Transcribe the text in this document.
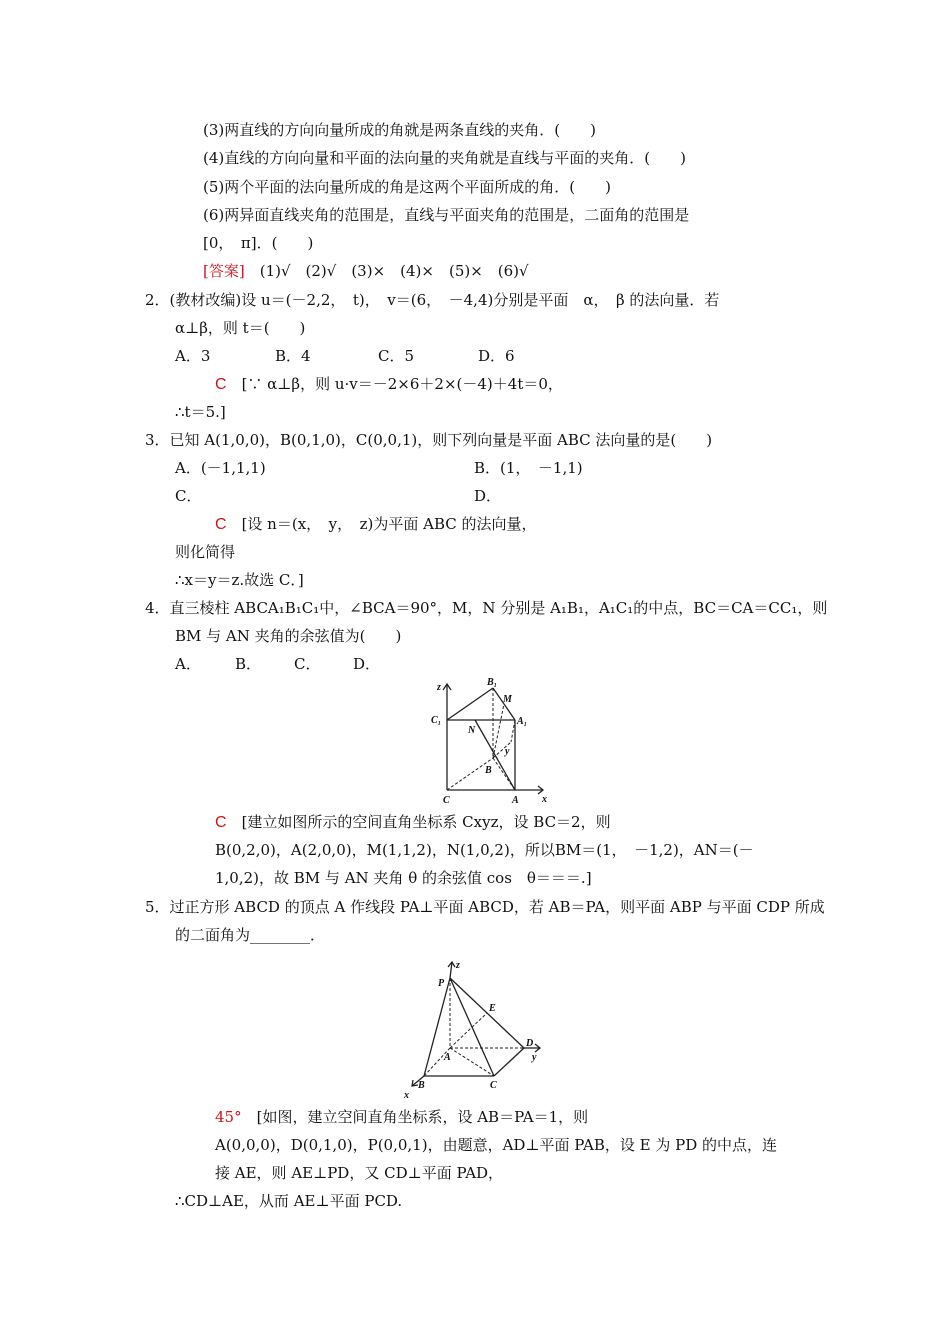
(3)两直线的方向向量所成的角就是两条直线的夹角．(　　)
(4)直线的方向向量和平面的法向量的夹角就是直线与平面的夹角．(　　)
(5)两个平面的法向量所成的角是这两个平面所成的角．(　　)
(6)两异面直线夹角的范围是，直线与平面夹角的范围是，二面角的范围是
[0，　π]．(　　)
[答案]　(1)√　(2)√　(3)×　(4)×　(5)×　(6)√
2．(教材改编)设 u＝(－2,2，　t)，　v＝(6，　－4,4)分别是平面　α，　β 的法向量．若
α⊥β，则 t＝(　　)
A．3	B．4	C．5	D．6
C　[∵ α⊥β，则 u·v＝－2×6＋2×(－4)＋4t＝0，
∴t＝5.]
3．已知 A(1,0,0)，B(0,1,0)，C(0,0,1)，则下列向量是平面 ABC 法向量的是(　　)
A．(－1,1,1)	B．(1，　－1,1)
C．	D．
C　[设 n＝(x，　y，　z)为平面 ABC 的法向量，
则化简得
∴x＝y＝z.故选 C．]
4．直三棱柱 ABCA₁B₁C₁中，∠BCA＝90°，M，N 分别是 A₁B₁，A₁C₁的中点，BC＝CA＝CC₁，则
BM 与 AN 夹角的余弦值为(　　)
A． B． C． D．
z	B₁
M
C₁	A₁
N
y
B
C	A x
C　[建立如图所示的空间直角坐标系 Cxyz，设 BC＝2，则
B(0,2,0)，A(2,0,0)，M(1,1,2)，N(1,0,2)，所以BM＝(1，　－1,2)，AN＝(－
1,0,2)，故 BM 与 AN 夹角 θ 的余弦值 cos　θ＝＝＝.]
5．过正方形 ABCD 的顶点 A 作线段 PA⊥平面 ABCD，若 AB＝PA，则平面 ABP 与平面 CDP 所成
的二面角为________．
z
P
E
D
y
A
B	C
x
45°　[如图，建立空间直角坐标系，设 AB＝PA＝1，则
A(0,0,0)，D(0,1,0)，P(0,0,1)，由题意，AD⊥平面 PAB，设 E 为 PD 的中点，连
接 AE，则 AE⊥PD，又 CD⊥平面 PAD，
∴CD⊥AE，从而 AE⊥平面 PCD.
